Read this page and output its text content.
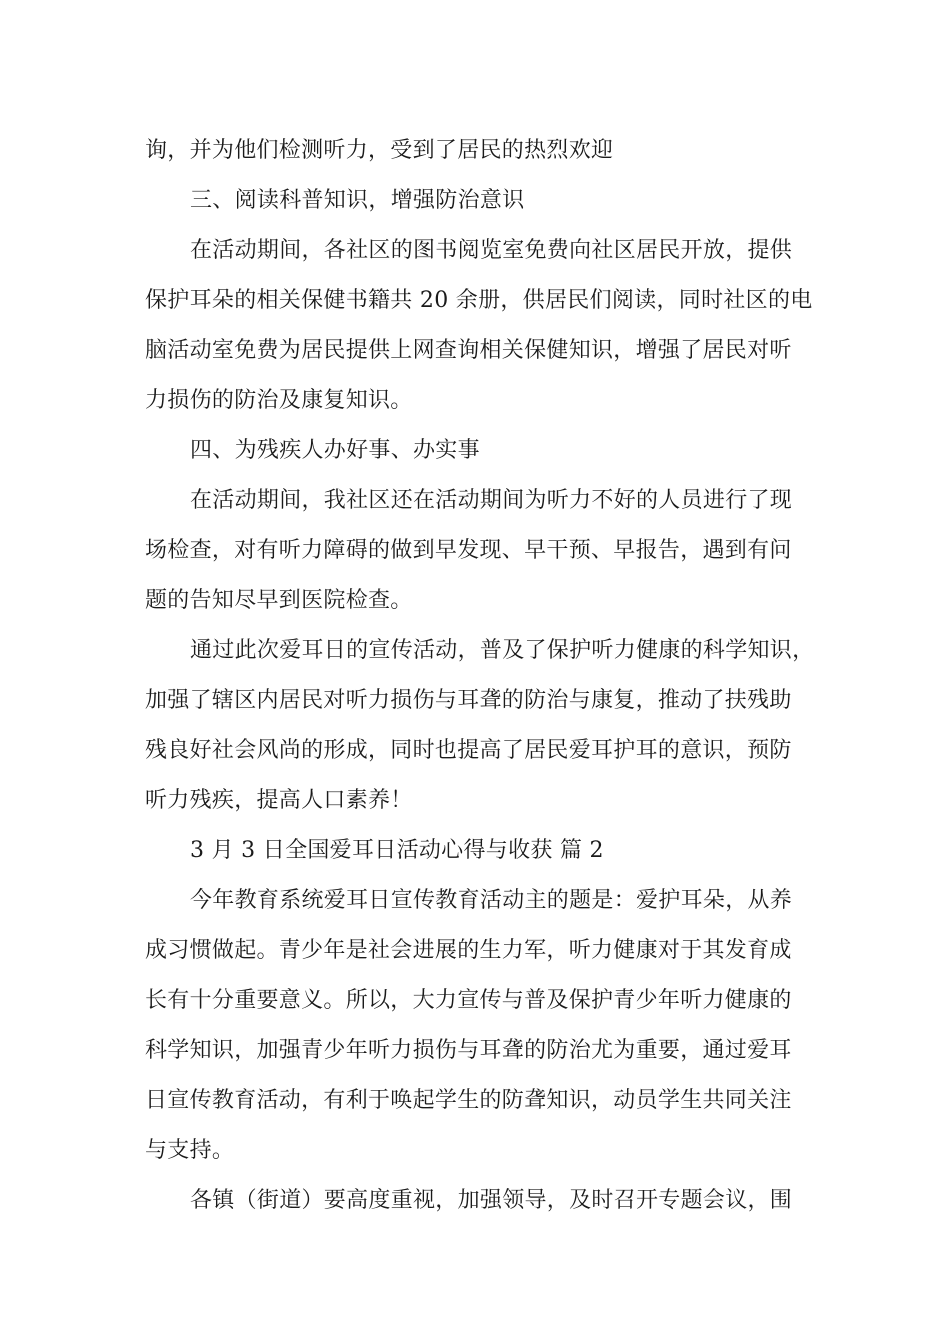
询，并为他们检测听力，受到了居民的热烈欢迎
三、阅读科普知识，增强防治意识
在活动期间，各社区的图书阅览室免费向社区居民开放，提供
保护耳朵的相关保健书籍共 20 余册，供居民们阅读，同时社区的电
脑活动室免费为居民提供上网查询相关保健知识，增强了居民对听
力损伤的防治及康复知识。
四、为残疾人办好事、办实事
在活动期间，我社区还在活动期间为听力不好的人员进行了现
场检查，对有听力障碍的做到早发现、早干预、早报告，遇到有问
题的告知尽早到医院检查。
通过此次爱耳日的宣传活动，普及了保护听力健康的科学知识，
加强了辖区内居民对听力损伤与耳聋的防治与康复，推动了扶残助
残良好社会风尚的形成，同时也提高了居民爱耳护耳的意识，预防
听力残疾，提高人口素养！
3 月 3 日全国爱耳日活动心得与收获 篇 2
今年教育系统爱耳日宣传教育活动主的题是：爱护耳朵，从养
成习惯做起。青少年是社会进展的生力军，听力健康对于其发育成
长有十分重要意义。所以，大力宣传与普及保护青少年听力健康的
科学知识，加强青少年听力损伤与耳聋的防治尤为重要，通过爱耳
日宣传教育活动，有利于唤起学生的防聋知识，动员学生共同关注
与支持。
各镇（街道）要高度重视，加强领导，及时召开专题会议，围
